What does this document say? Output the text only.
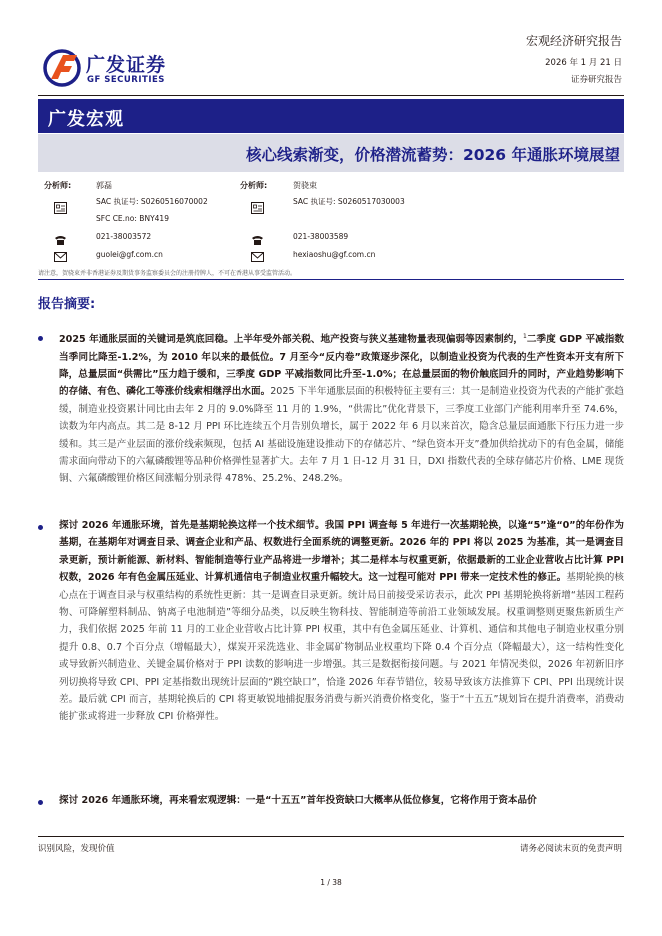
广发证券
GF SECURITIES
宏观经济研究报告
2026 年 1 月 21 日
证券研究报告
广发宏观
核心线索渐变，价格潜流蓄势：2026 年通胀环境展望
分析师:	郭磊
SAC 执证号: S0260516070002
SFC CE.no: BNY419
021-38003572
guolei@gf.com.cn
分析师:	贺骁束
SAC 执证号: S0260517030003
021-38003589
hexiaoshu@gf.com.cn
请注意，贺骁束并非香港证券及期货事务监察委员会的注册持牌人，不可在香港从事受监管活动。
报告摘要:
2025 年通胀层面的关键词是筑底回稳。上半年受外部关税、地产投资与狭义基建物量表现偏弱等因素制约，$^1$二季度 GDP 平减指数当季同比降至-1.2%，为 2010 年以来的最低位。7 月至今“反内卷”政策逐步深化，以制造业投资为代表的生产性资本开支有所下降，总量层面“供需比”压力趋于缓和，三季度 GDP 平减指数同比升至-1.0%；在总量层面的物价触底回升的同时，产业趋势影响下的存储、有色、磷化工等涨价线索相继浮出水面。2025 下半年通胀层面的积极特征主要有三：其一是制造业投资为代表的产能扩张趋缓，制造业投资累计同比由去年 2 月的 9.0%降至 11 月的 1.9%，“供需比”优化背景下，三季度工业部门产能利用率升至 74.6%，读数为年内高点。其二是 8-12 月 PPI 环比连续五个月告别负增长，属于 2022 年 6 月以来首次，隐含总量层面通胀下行压力进一步缓和。其三是产业层面的涨价线索频现，包括 AI 基础设施建设推动下的存储芯片、“绿色资本开支”叠加供给扰动下的有色金属，储能需求面向带动下的六氟磷酸锂等品种价格弹性显著扩大。去年 7 月 1 日-12 月 31 日，DXI 指数代表的全球存储芯片价格、LME 现货铜、六氟磷酸锂价格区间涨幅分别录得 478%、25.2%、248.2%。
探讨 2026 年通胀环境，首先是基期轮换这样一个技术细节。我国 PPI 调查每 5 年进行一次基期轮换，以逢“5”逢“0”的年份作为基期，在基期年对调查目录、调查企业和产品、权数进行全面系统的调整更新。2026 年的 PPI 将以 2025 为基准，其一是调查目录更新，预计新能源、新材料、智能制造等行业产品将进一步增补；其二是样本与权重更新，依据最新的工业企业营收占比计算 PPI 权数，2026 年有色金属压延业、计算机通信电子制造业权重升幅较大。这一过程可能对 PPI 带来一定技术性的修正。基期轮换的核心点在于调查目录与权重结构的系统性更新：其一是调查目录更新。统计局日前接受采访表示，此次 PPI 基期轮换将新增“基因工程药物、可降解塑料制品、钠离子电池制造”等细分品类，以反映生物科技、智能制造等前沿工业领域发展。权重调整则更聚焦新质生产力，我们依据 2025 年前 11 月的工业企业营收占比计算 PPI 权重，其中有色金属压延业、计算机、通信和其他电子制造业权重分别提升 0.8、0.7 个百分点（增幅最大），煤炭开采洗选业、非金属矿物制品业权重均下降 0.4 个百分点（降幅最大），这一结构性变化或导致新兴制造业、关键金属价格对于 PPI 读数的影响进一步增强。其三是数据衔接问题。与 2021 年情况类似，2026 年初新旧序列切换将导致 CPI、PPI 定基指数出现统计层面的“跳空缺口”，恰逢 2026 年春节错位，较易导致该方法推算下 CPI、PPI 出现统计误差。最后就 CPI 而言，基期轮换后的 CPI 将更敏锐地捕捉服务消费与新兴消费价格变化，鉴于“十五五”规划旨在提升消费率，消费动能扩张或将进一步释放 CPI 价格弹性。
探讨 2026 年通胀环境，再来看宏观逻辑：一是“十五五”首年投资缺口大概率从低位修复，它将作用于资本品价
识别风险，发现价值	请务必阅读末页的免责声明
1 / 38
